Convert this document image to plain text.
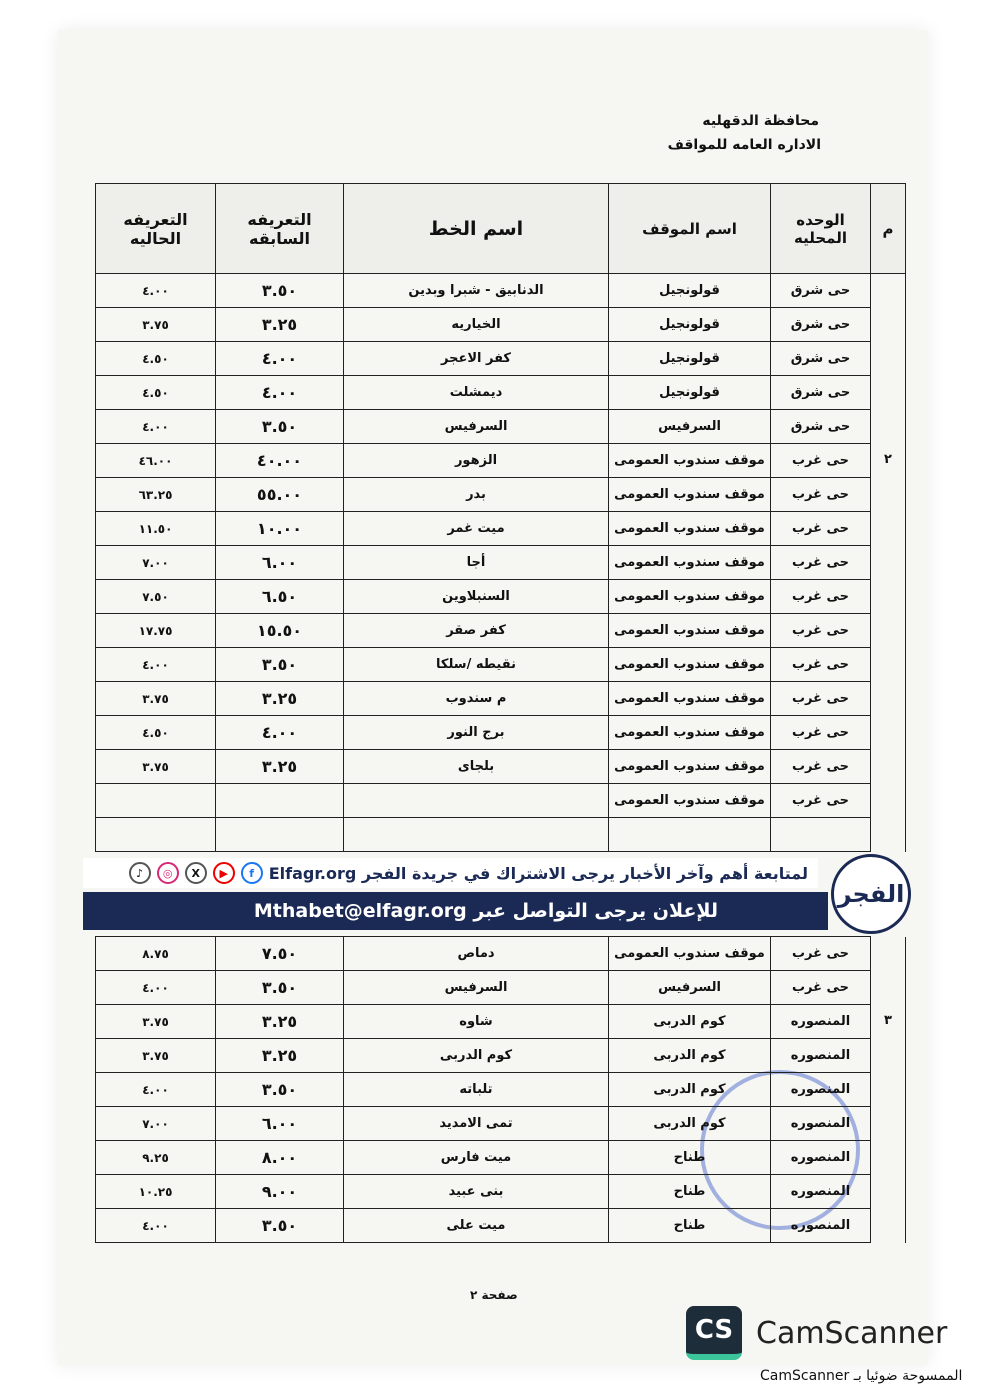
محافظة الدقهليه
الاداره العامه للمواقف
م	الوحده المحليه	اسم الموقف	اسم الخط	التعريفه السابقه	التعريفه الحاليه
	حى شرق	قولونجيل	الدنابيق - شبرا وبدين	٣.٥٠	٤.٠٠
	حى شرق	قولونجيل	الخياريه	٣.٢٥	٣.٧٥
	حى شرق	قولونجيل	كفر الاعجر	٤.٠٠	٤.٥٠
	حى شرق	قولونجيل	ديمشلت	٤.٠٠	٤.٥٠
	حى شرق	السرفيس	السرفيس	٣.٥٠	٤.٠٠
٢	حى غرب	موقف سندوب العمومى	الزهور	٤٠.٠٠	٤٦.٠٠
	حى غرب	موقف سندوب العمومى	بدر	٥٥.٠٠	٦٣.٢٥
	حى غرب	موقف سندوب العمومى	ميت غمر	١٠.٠٠	١١.٥٠
	حى غرب	موقف سندوب العمومى	أجا	٦.٠٠	٧.٠٠
	حى غرب	موقف سندوب العمومى	السنبلاوين	٦.٥٠	٧.٥٠
	حى غرب	موقف سندوب العمومى	كفر صقر	١٥.٥٠	١٧.٧٥
	حى غرب	موقف سندوب العمومى	نقيطه /سلكا	٣.٥٠	٤.٠٠
	حى غرب	موقف سندوب العمومى	م سندوب	٣.٢٥	٣.٧٥
	حى غرب	موقف سندوب العمومى	برج النور	٤.٠٠	٤.٥٠
	حى غرب	موقف سندوب العمومى	بلجاى	٣.٢٥	٣.٧٥
	حى غرب	موقف سندوب العمومى			

لمتابعة أهم وآخر الأخبار يرجى الاشتراك في جريدة الفجر Elfagr.org
f
▶
X
◎
♪
للإعلان يرجى التواصل عبر Mthabet@elfagr.org
الفجر
	حى غرب	موقف سندوب العمومى	دماص	٧.٥٠	٨.٧٥
	حى غرب	السرفيس	السرفيس	٣.٥٠	٤.٠٠
٣	المنصوره	كوم الدربى	شاوه	٣.٢٥	٣.٧٥
	المنصوره	كوم الدربى	كوم الدربى	٣.٢٥	٣.٧٥
	المنصوره	كوم الدربى	تلباته	٣.٥٠	٤.٠٠
	المنصوره	كوم الدربى	تمى الامديد	٦.٠٠	٧.٠٠
	المنصوره	طناح	ميت فارس	٨.٠٠	٩.٢٥
	المنصوره	طناح	بنى عبيد	٩.٠٠	١٠.٢٥
	المنصوره	طناح	ميت على	٣.٥٠	٤.٠٠
صفحة ٢
CS CamScanner
الممسوحة ضوئيا بـ CamScanner
